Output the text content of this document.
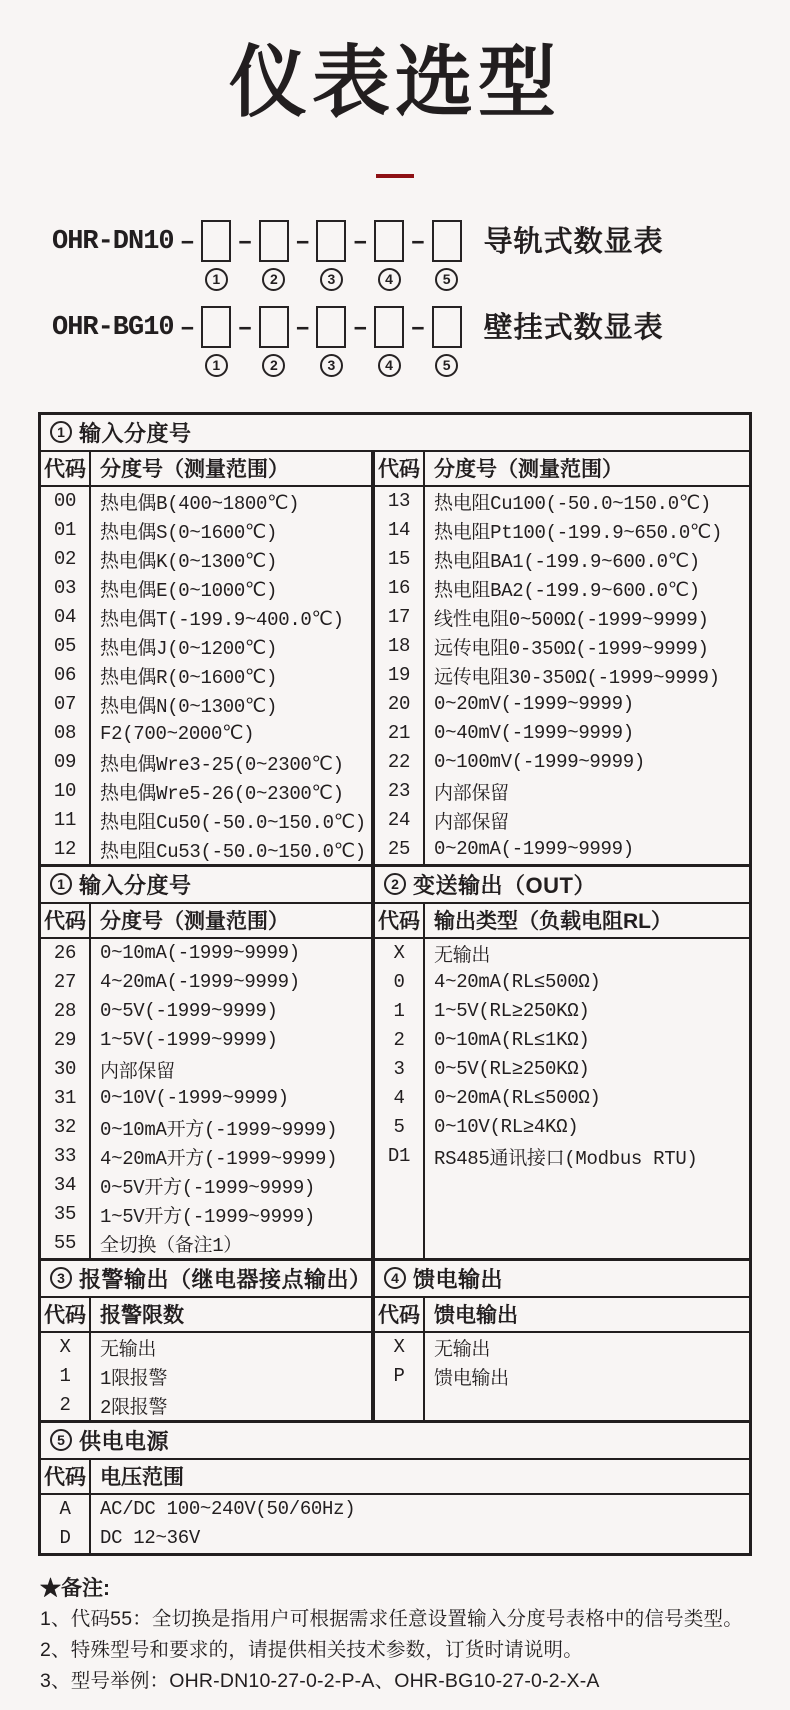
仪表选型
OHR-DN10 –
1
–
2
–
3
–
4
–
5
导轨式数显表
OHR-BG10 –
1
–
2
–
3
–
4
–
5
壁挂式数显表
1 输入分度号
代码 分度号（测量范围）
00	热电偶B(400~1800℃)
01	热电偶S(0~1600℃)
02	热电偶K(0~1300℃)
03	热电偶E(0~1000℃)
04	热电偶T(-199.9~400.0℃)
05	热电偶J(0~1200℃)
06	热电偶R(0~1600℃)
07	热电偶N(0~1300℃)
08	F2(700~2000℃)
09	热电偶Wre3-25(0~2300℃)
10	热电偶Wre5-26(0~2300℃)
11	热电阻Cu50(-50.0~150.0℃)
12	热电阻Cu53(-50.0~150.0℃)
代码 分度号（测量范围）
13	热电阻Cu100(-50.0~150.0℃)
14	热电阻Pt100(-199.9~650.0℃)
15	热电阻BA1(-199.9~600.0℃)
16	热电阻BA2(-199.9~600.0℃)
17	线性电阻0~500Ω(-1999~9999)
18	远传电阻0-350Ω(-1999~9999)
19	远传电阻30-350Ω(-1999~9999)
20	0~20mV(-1999~9999)
21	0~40mV(-1999~9999)
22	0~100mV(-1999~9999)
23	内部保留
24	内部保留
25	0~20mA(-1999~9999)
1 输入分度号
代码 分度号（测量范围）
26	0~10mA(-1999~9999)
27	4~20mA(-1999~9999)
28	0~5V(-1999~9999)
29	1~5V(-1999~9999)
30	内部保留
31	0~10V(-1999~9999)
32	0~10mA开方(-1999~9999)
33	4~20mA开方(-1999~9999)
34	0~5V开方(-1999~9999)
35	1~5V开方(-1999~9999)
55	全切换（备注1）
2 变送输出（OUT）
代码 输出类型（负载电阻RL）
X	无输出
0	4~20mA(RL≤500Ω)
1	1~5V(RL≥250KΩ)
2	0~10mA(RL≤1KΩ)
3	0~5V(RL≥250KΩ)
4	0~20mA(RL≤500Ω)
5	0~10V(RL≥4KΩ)
D1	RS485通讯接口(Modbus RTU)
3 报警输出（继电器接点输出）
代码 报警限数
X	无输出
1	1限报警
2	2限报警
4 馈电输出
代码 馈电输出
X	无输出
P	馈电输出
5 供电电源
代码 电压范围
A	AC/DC 100~240V(50/60Hz)
D	DC 12~36V
★备注:
1、代码55：全切换是指用户可根据需求任意设置输入分度号表格中的信号类型。
2、特殊型号和要求的，请提供相关技术参数，订货时请说明。
3、型号举例：OHR-DN10-27-0-2-P-A、OHR-BG10-27-0-2-X-A
